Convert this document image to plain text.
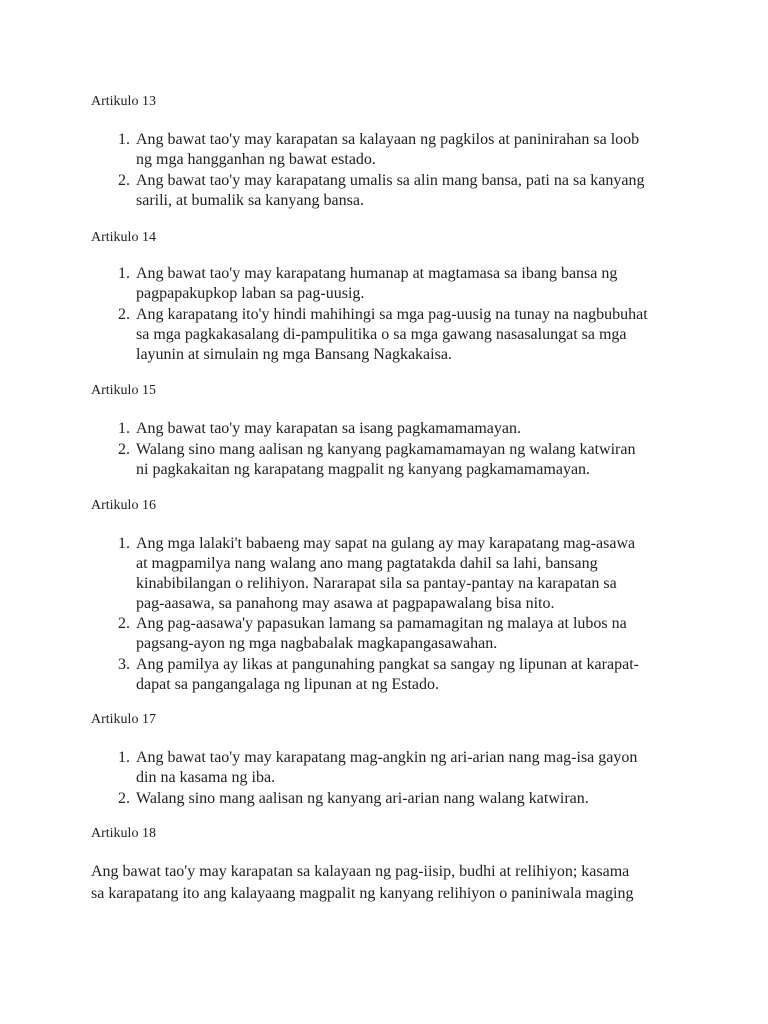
Artikulo 13
1. Ang bawat tao'y may karapatan sa kalayaan ng pagkilos at paninirahan sa loob
ng mga hangganhan ng bawat estado.
2. Ang bawat tao'y may karapatang umalis sa alin mang bansa, pati na sa kanyang
sarili, at bumalik sa kanyang bansa.
Artikulo 14
1. Ang bawat tao'y may karapatang humanap at magtamasa sa ibang bansa ng
pagpapakupkop laban sa pag-uusig.
2. Ang karapatang ito'y hindi mahihingi sa mga pag-uusig na tunay na nagbubuhat
sa mga pagkakasalang di-pampulitika o sa mga gawang nasasalungat sa mga
layunin at simulain ng mga Bansang Nagkakaisa.
Artikulo 15
1. Ang bawat tao'y may karapatan sa isang pagkamamamayan.
2. Walang sino mang aalisan ng kanyang pagkamamamayan ng walang katwiran
ni pagkakaitan ng karapatang magpalit ng kanyang pagkamamamayan.
Artikulo 16
1. Ang mga lalaki't babaeng may sapat na gulang ay may karapatang mag-asawa
at magpamilya nang walang ano mang pagtatakda dahil sa lahi, bansang
kinabibilangan o relihiyon. Nararapat sila sa pantay-pantay na karapatan sa
pag-aasawa, sa panahong may asawa at pagpapawalang bisa nito.
2. Ang pag-aasawa'y papasukan lamang sa pamamagitan ng malaya at lubos na
pagsang-ayon ng mga nagbabalak magkapangasawahan.
3. Ang pamilya ay likas at pangunahing pangkat sa sangay ng lipunan at karapat-
dapat sa pangangalaga ng lipunan at ng Estado.
Artikulo 17
1. Ang bawat tao'y may karapatang mag-angkin ng ari-arian nang mag-isa gayon
din na kasama ng iba.
2. Walang sino mang aalisan ng kanyang ari-arian nang walang katwiran.
Artikulo 18
Ang bawat tao'y may karapatan sa kalayaan ng pag-iisip, budhi at relihiyon; kasama
sa karapatang ito ang kalayaang magpalit ng kanyang relihiyon o paniniwala maging
